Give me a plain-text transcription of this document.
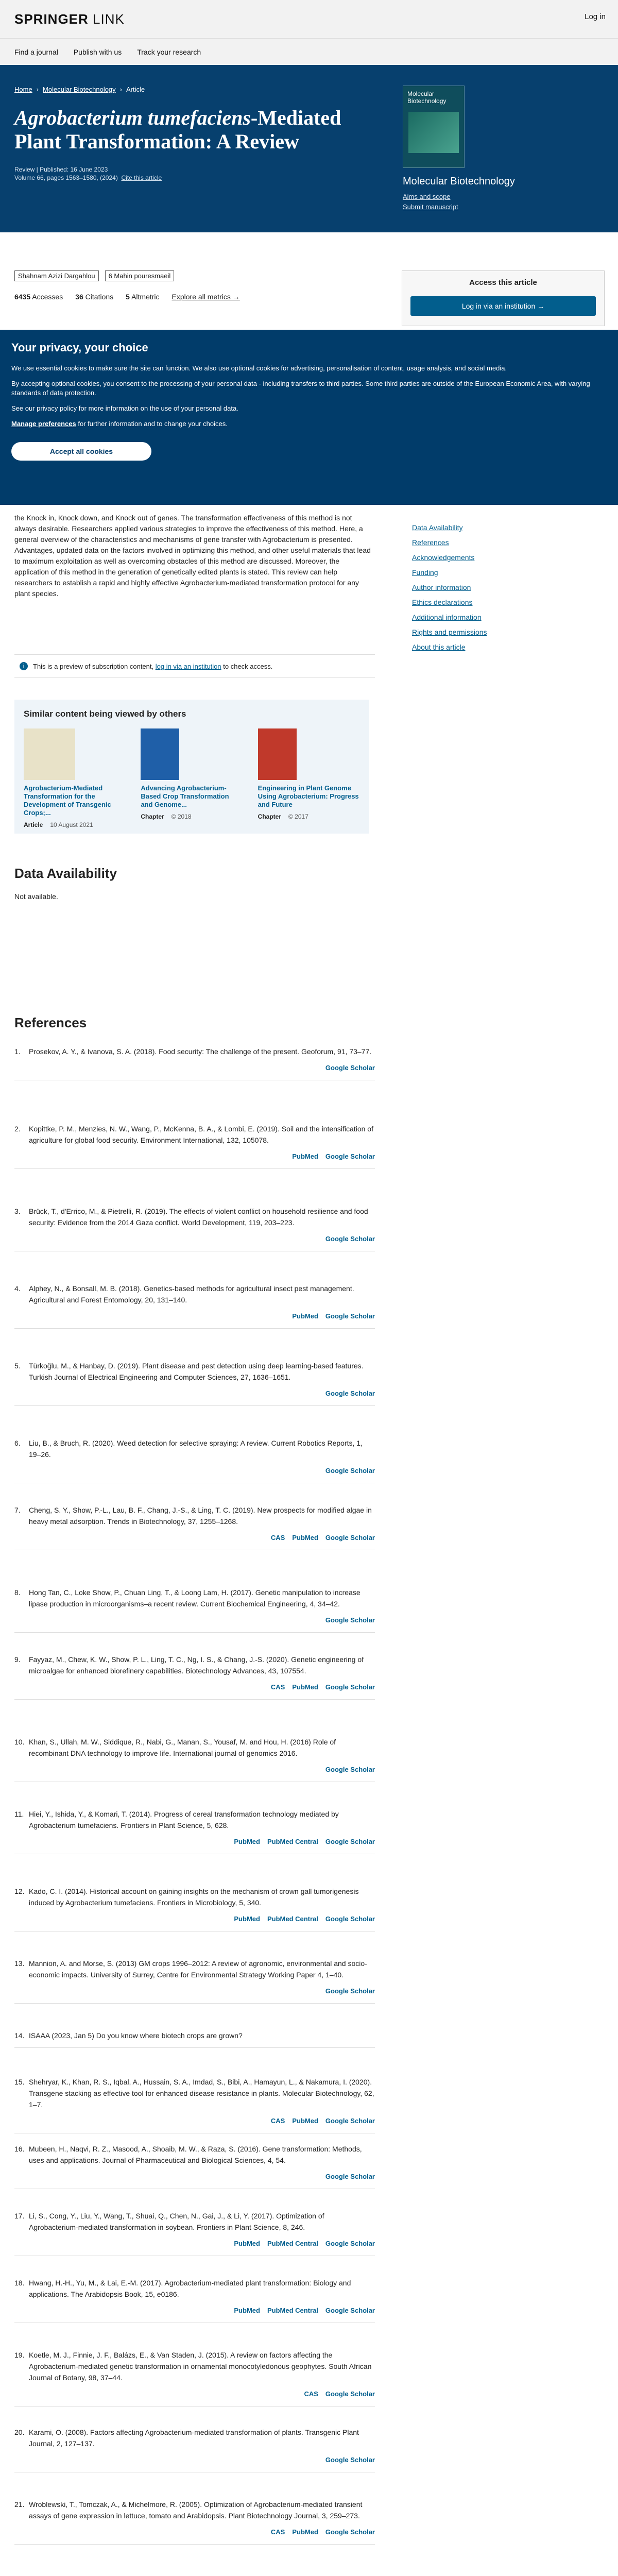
SPRINGER LINK	Log in
Find a journal Publish with us Track your research
Home › Molecular Biotechnology › Article
Agrobacterium tumefaciens-Mediated Plant Transformation: A Review
Review | Published: 16 June 2023
Volume 66, pages 1563–1580, (2024) Cite this article
Molecular Biotechnology
Molecular Biotechnology
Aims and scope
Submit manuscript
Shahnam Azizi Dargahlou	6 Mahin pouresmaeil
6435 Accesses 36 Citations 5 Altmetric Explore all metrics →
Access this article
Log in via an institution →
Your privacy, your choice

We use essential cookies to make sure the site can function. We also use optional cookies for advertising, personalisation of content, usage analysis, and social media.

By accepting optional cookies, you consent to the processing of your personal data - including transfers to third parties. Some third parties are outside of the European Economic Area, with varying standards of data protection.

See our privacy policy for more information on the use of your personal data.

Manage preferences for further information and to change your choices.

Accept all cookies
the Knock in, Knock down, and Knock out of genes. The transformation effectiveness of this method is not always desirable. Researchers applied various strategies to improve the effectiveness of this method. Here, a general overview of the characteristics and mechanisms of gene transfer with Agrobacterium is presented. Advantages, updated data on the factors involved in optimizing this method, and other useful materials that lead to maximum exploitation as well as overcoming obstacles of this method are discussed. Moreover, the application of this method in the generation of genetically edited plants is stated. This review can help researchers to establish a rapid and highly effective Agrobacterium-mediated transformation protocol for any plant species.
Data Availability
References
Acknowledgements
Funding
Author information
Ethics declarations
Additional information
Rights and permissions
About this article
i	This is a preview of subscription content, log in via an institution to check access.
Similar content being viewed by others
Agrobacterium-Mediated Transformation for the Development of Transgenic Crops;...
Article 10 August 2021
Advancing Agrobacterium-Based Crop Transformation and Genome...
Chapter © 2018
Engineering in Plant Genome Using Agrobacterium: Progress and Future
Chapter © 2017
Data Availability
Not available.
References
1. Prosekov, A. Y., & Ivanova, S. A. (2018). Food security: The challenge of the present. Geoforum, 91, 73–77.
Google Scholar
2. Kopittke, P. M., Menzies, N. W., Wang, P., McKenna, B. A., & Lombi, E. (2019). Soil and the intensification of agriculture for global food security. Environment International, 132, 105078.
PubMed Google Scholar
3. Brück, T., d'Errico, M., & Pietrelli, R. (2019). The effects of violent conflict on household resilience and food security: Evidence from the 2014 Gaza conflict. World Development, 119, 203–223.
Google Scholar
4. Alphey, N., & Bonsall, M. B. (2018). Genetics-based methods for agricultural insect pest management. Agricultural and Forest Entomology, 20, 131–140.
PubMed Google Scholar
5. Türkoğlu, M., & Hanbay, D. (2019). Plant disease and pest detection using deep learning-based features. Turkish Journal of Electrical Engineering and Computer Sciences, 27, 1636–1651.
Google Scholar
6. Liu, B., & Bruch, R. (2020). Weed detection for selective spraying: A review. Current Robotics Reports, 1, 19–26.
Google Scholar
7. Cheng, S. Y., Show, P.-L., Lau, B. F., Chang, J.-S., & Ling, T. C. (2019). New prospects for modified algae in heavy metal adsorption. Trends in Biotechnology, 37, 1255–1268.
CAS PubMed Google Scholar
8. Hong Tan, C., Loke Show, P., Chuan Ling, T., & Loong Lam, H. (2017). Genetic manipulation to increase lipase production in microorganisms–a recent review. Current Biochemical Engineering, 4, 34–42.
Google Scholar
9. Fayyaz, M., Chew, K. W., Show, P. L., Ling, T. C., Ng, I. S., & Chang, J.-S. (2020). Genetic engineering of microalgae for enhanced biorefinery capabilities. Biotechnology Advances, 43, 107554.
CAS PubMed Google Scholar
10. Khan, S., Ullah, M. W., Siddique, R., Nabi, G., Manan, S., Yousaf, M. and Hou, H. (2016) Role of recombinant DNA technology to improve life. International journal of genomics 2016.
Google Scholar
11. Hiei, Y., Ishida, Y., & Komari, T. (2014). Progress of cereal transformation technology mediated by Agrobacterium tumefaciens. Frontiers in Plant Science, 5, 628.
PubMed PubMed Central Google Scholar
12. Kado, C. I. (2014). Historical account on gaining insights on the mechanism of crown gall tumorigenesis induced by Agrobacterium tumefaciens. Frontiers in Microbiology, 5, 340.
PubMed PubMed Central Google Scholar
13. Mannion, A. and Morse, S. (2013) GM crops 1996–2012: A review of agronomic, environmental and socio-economic impacts. University of Surrey, Centre for Environmental Strategy Working Paper 4, 1–40.
Google Scholar
14. ISAAA (2023, Jan 5) Do you know where biotech crops are grown?
15. Shehryar, K., Khan, R. S., Iqbal, A., Hussain, S. A., Imdad, S., Bibi, A., Hamayun, L., & Nakamura, I. (2020). Transgene stacking as effective tool for enhanced disease resistance in plants. Molecular Biotechnology, 62, 1–7.
CAS PubMed Google Scholar
16. Mubeen, H., Naqvi, R. Z., Masood, A., Shoaib, M. W., & Raza, S. (2016). Gene transformation: Methods, uses and applications. Journal of Pharmaceutical and Biological Sciences, 4, 54.
Google Scholar
17. Li, S., Cong, Y., Liu, Y., Wang, T., Shuai, Q., Chen, N., Gai, J., & Li, Y. (2017). Optimization of Agrobacterium-mediated transformation in soybean. Frontiers in Plant Science, 8, 246.
PubMed PubMed Central Google Scholar
18. Hwang, H.-H., Yu, M., & Lai, E.-M. (2017). Agrobacterium-mediated plant transformation: Biology and applications. The Arabidopsis Book, 15, e0186.
PubMed PubMed Central Google Scholar
19. Koetle, M. J., Finnie, J. F., Balázs, E., & Van Staden, J. (2015). A review on factors affecting the Agrobacterium-mediated genetic transformation in ornamental monocotyledonous geophytes. South African Journal of Botany, 98, 37–44.
CAS Google Scholar
20. Karami, O. (2008). Factors affecting Agrobacterium-mediated transformation of plants. Transgenic Plant Journal, 2, 127–137.
Google Scholar
21. Wroblewski, T., Tomczak, A., & Michelmore, R. (2005). Optimization of Agrobacterium-mediated transient assays of gene expression in lettuce, tomato and Arabidopsis. Plant Biotechnology Journal, 3, 259–273.
CAS PubMed Google Scholar
